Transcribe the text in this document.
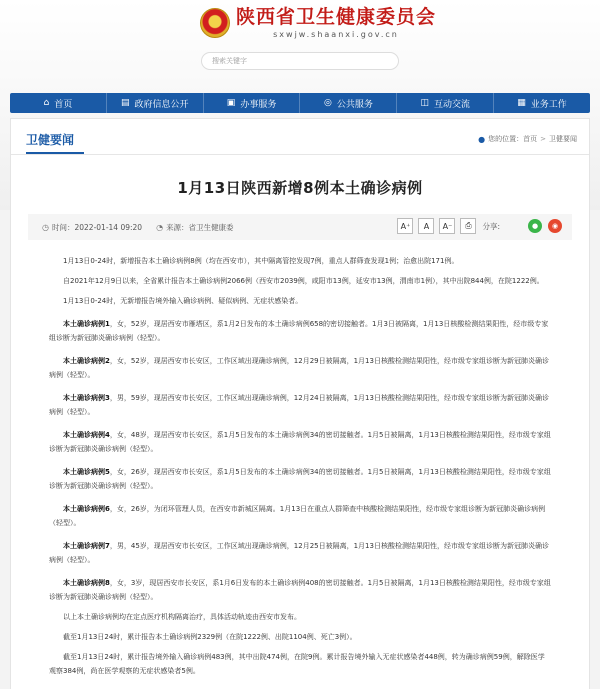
陕西省卫生健康委员会
sxwjw.shaanxi.gov.cn
搜索关键字
⌂ 首页	▤ 政府信息公开	▣ 办事服务	◎ 公共服务	◫ 互动交流	▦ 业务工作
卫健要闻	● 您的位置： 首页 > 卫健要闻
1月13日陕西新增8例本土确诊病例
◷ 时间：2022-01-14 09:20 ◔ 来源：省卫生健康委	A⁺	A	A⁻	⎙ 分享:	●	◉

1月13日0-24时，新增报告本土确诊病例8例（均在西安市），其中隔离管控发现7例，重点人群筛查发现1例；治愈出院171例。

自2021年12月9日以来，全省累计报告本土确诊病例2066例（西安市2039例，咸阳市13例，延安市13例，渭南市1例），其中出院844例，在院1222例。

1月13日0-24时，无新增报告境外输入确诊病例、疑似病例、无症状感染者。

本土确诊病例1，女，52岁，现居西安市雁塔区，系1月2日发布的本土确诊病例658的密切接触者。1月3日被隔离，1月13日核酸检测结果阳性，经市级专家组诊断为新冠肺炎确诊病例（轻型）。

本土确诊病例2，女，52岁，现居西安市长安区，工作区域出现确诊病例，12月29日被隔离，1月13日核酸检测结果阳性，经市级专家组诊断为新冠肺炎确诊病例（轻型）。

本土确诊病例3，男，59岁，现居西安市长安区，工作区域出现确诊病例，12月24日被隔离，1月13日核酸检测结果阳性，经市级专家组诊断为新冠肺炎确诊病例（轻型）。

本土确诊病例4，女，48岁，现居西安市长安区，系1月5日发布的本土确诊病例34的密切接触者。1月5日被隔离，1月13日核酸检测结果阳性，经市级专家组诊断为新冠肺炎确诊病例（轻型）。

本土确诊病例5，女，26岁，现居西安市长安区，系1月5日发布的本土确诊病例34的密切接触者。1月5日被隔离，1月13日核酸检测结果阳性，经市级专家组诊断为新冠肺炎确诊病例（轻型）。

本土确诊病例6，女，26岁，为闭环管理人员，在西安市新城区隔离。1月13日在重点人群筛查中核酸检测结果阳性，经市级专家组诊断为新冠肺炎确诊病例（轻型）。

本土确诊病例7，男，45岁，现居西安市长安区，工作区域出现确诊病例，12月25日被隔离，1月13日核酸检测结果阳性，经市级专家组诊断为新冠肺炎确诊病例（轻型）。

本土确诊病例8，女，3岁，现居西安市长安区，系1月6日发布的本土确诊病例408的密切接触者。1月5日被隔离，1月13日核酸检测结果阳性，经市级专家组诊断为新冠肺炎确诊病例（轻型）。

以上本土确诊病例均在定点医疗机构隔离治疗，具体活动轨迹由西安市发布。

截至1月13日24时，累计报告本土确诊病例2329例（在院1222例、出院1104例、死亡3例）。

截至1月13日24时，累计报告境外输入确诊病例483例，其中出院474例，在院9例。累计报告境外输入无症状感染者448例，转为确诊病例59例，解除医学观察384例，尚在医学观察的无症状感染者5例。
